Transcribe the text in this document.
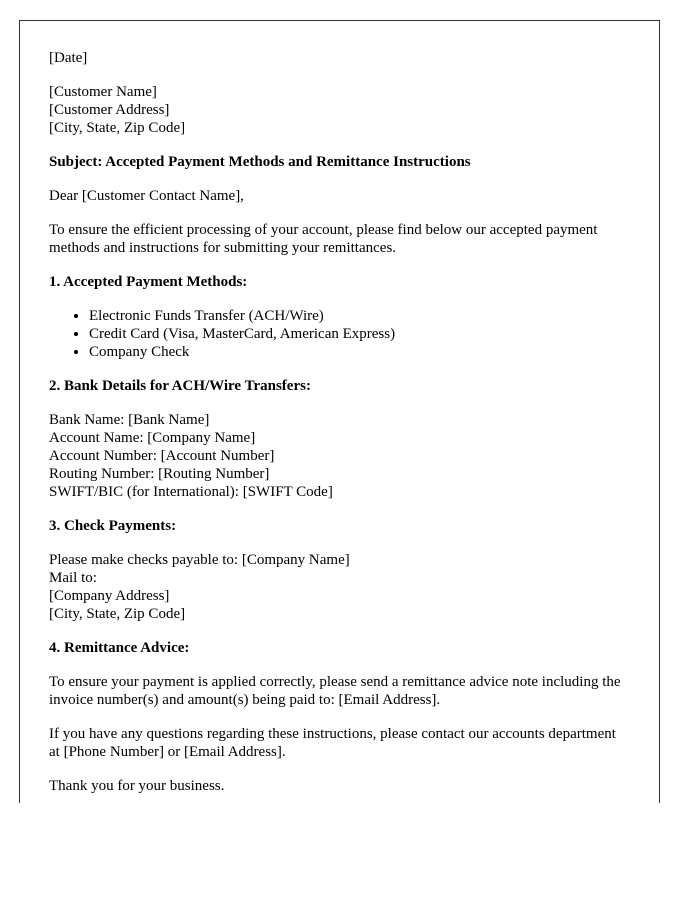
[Date]

[Customer Name]
[Customer Address]
[City, State, Zip Code]

Subject: Accepted Payment Methods and Remittance Instructions

Dear [Customer Contact Name],

To ensure the efficient processing of your account, please find below our accepted payment methods and instructions for submitting your remittances.

1. Accepted Payment Methods:
• Electronic Funds Transfer (ACH/Wire)
• Credit Card (Visa, MasterCard, American Express)
• Company Check
2. Bank Details for ACH/Wire Transfers:

Bank Name: [Bank Name]
Account Name: [Company Name]
Account Number: [Account Number]
Routing Number: [Routing Number]
SWIFT/BIC (for International): [SWIFT Code]

3. Check Payments:

Please make checks payable to: [Company Name]
Mail to:
[Company Address]
[City, State, Zip Code]

4. Remittance Advice:

To ensure your payment is applied correctly, please send a remittance advice note including the invoice number(s) and amount(s) being paid to: [Email Address].

If you have any questions regarding these instructions, please contact our accounts department at [Phone Number] or [Email Address].

Thank you for your business.
